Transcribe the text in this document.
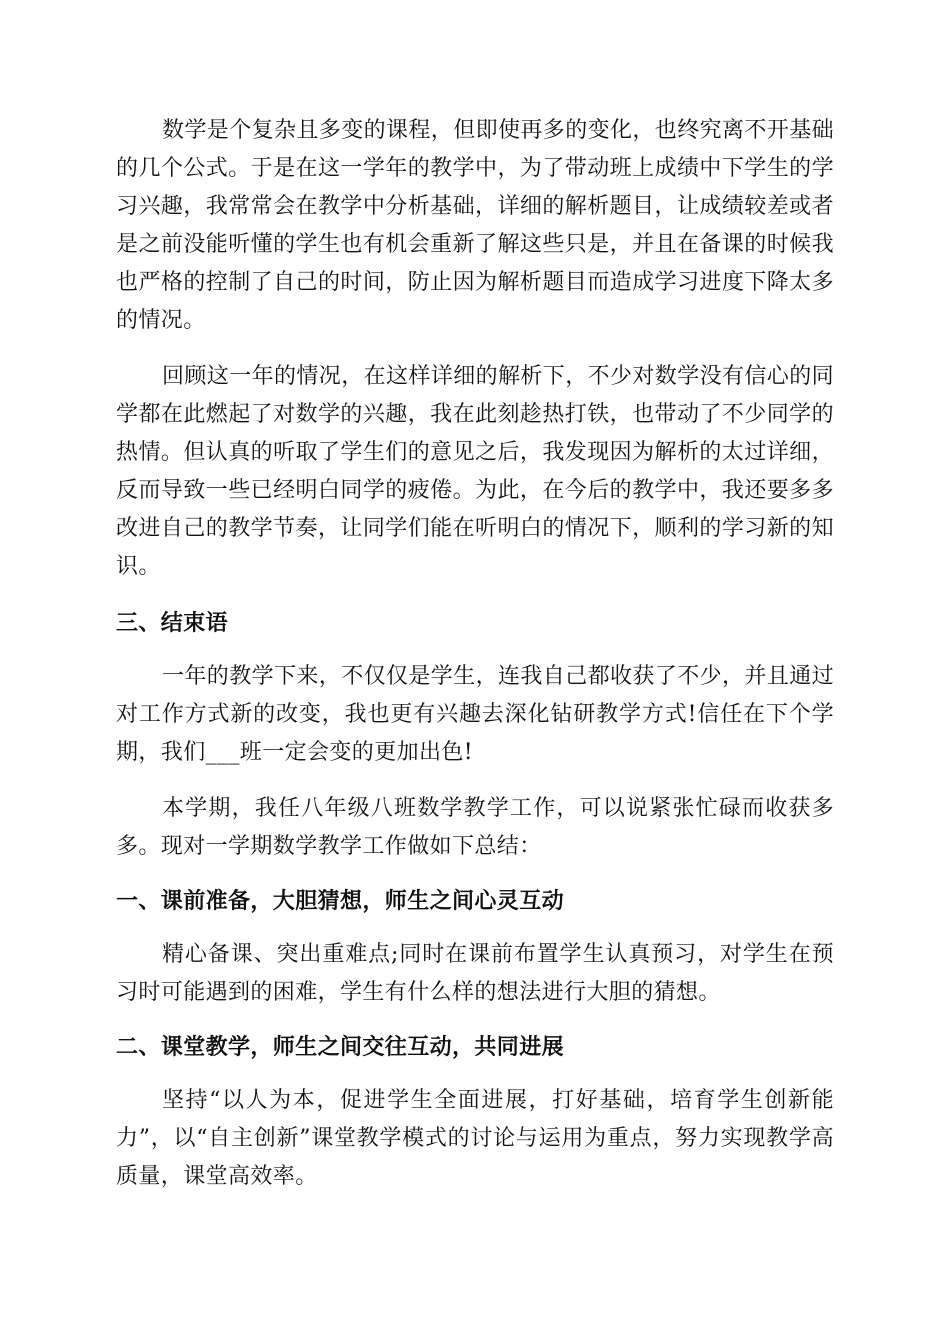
数学是个复杂且多变的课程，但即使再多的变化，也终究离不开基础的几个公式。于是在这一学年的教学中，为了带动班上成绩中下学生的学习兴趣，我常常会在教学中分析基础，详细的解析题目，让成绩较差或者是之前没能听懂的学生也有机会重新了解这些只是，并且在备课的时候我也严格的控制了自己的时间，防止因为解析题目而造成学习进度下降太多的情况。

回顾这一年的情况，在这样详细的解析下，不少对数学没有信心的同学都在此燃起了对数学的兴趣，我在此刻趁热打铁，也带动了不少同学的热情。但认真的听取了学生们的意见之后，我发现因为解析的太过详细，反而导致一些已经明白同学的疲倦。为此，在今后的教学中，我还要多多改进自己的教学节奏，让同学们能在听明白的情况下，顺利的学习新的知识。

三、结束语

一年的教学下来，不仅仅是学生，连我自己都收获了不少，并且通过对工作方式新的改变，我也更有兴趣去深化钻研教学方式!信任在下个学期，我们___班一定会变的更加出色!

本学期，我任八年级八班数学教学工作，可以说紧张忙碌而收获多多。现对一学期数学教学工作做如下总结：

一、课前准备，大胆猜想，师生之间心灵互动

精心备课、突出重难点;同时在课前布置学生认真预习，对学生在预习时可能遇到的困难，学生有什么样的想法进行大胆的猜想。

二、课堂教学，师生之间交往互动，共同进展

坚持“以人为本，促进学生全面进展，打好基础，培育学生创新能力”，以“自主创新”课堂教学模式的讨论与运用为重点，努力实现教学高质量，课堂高效率。
